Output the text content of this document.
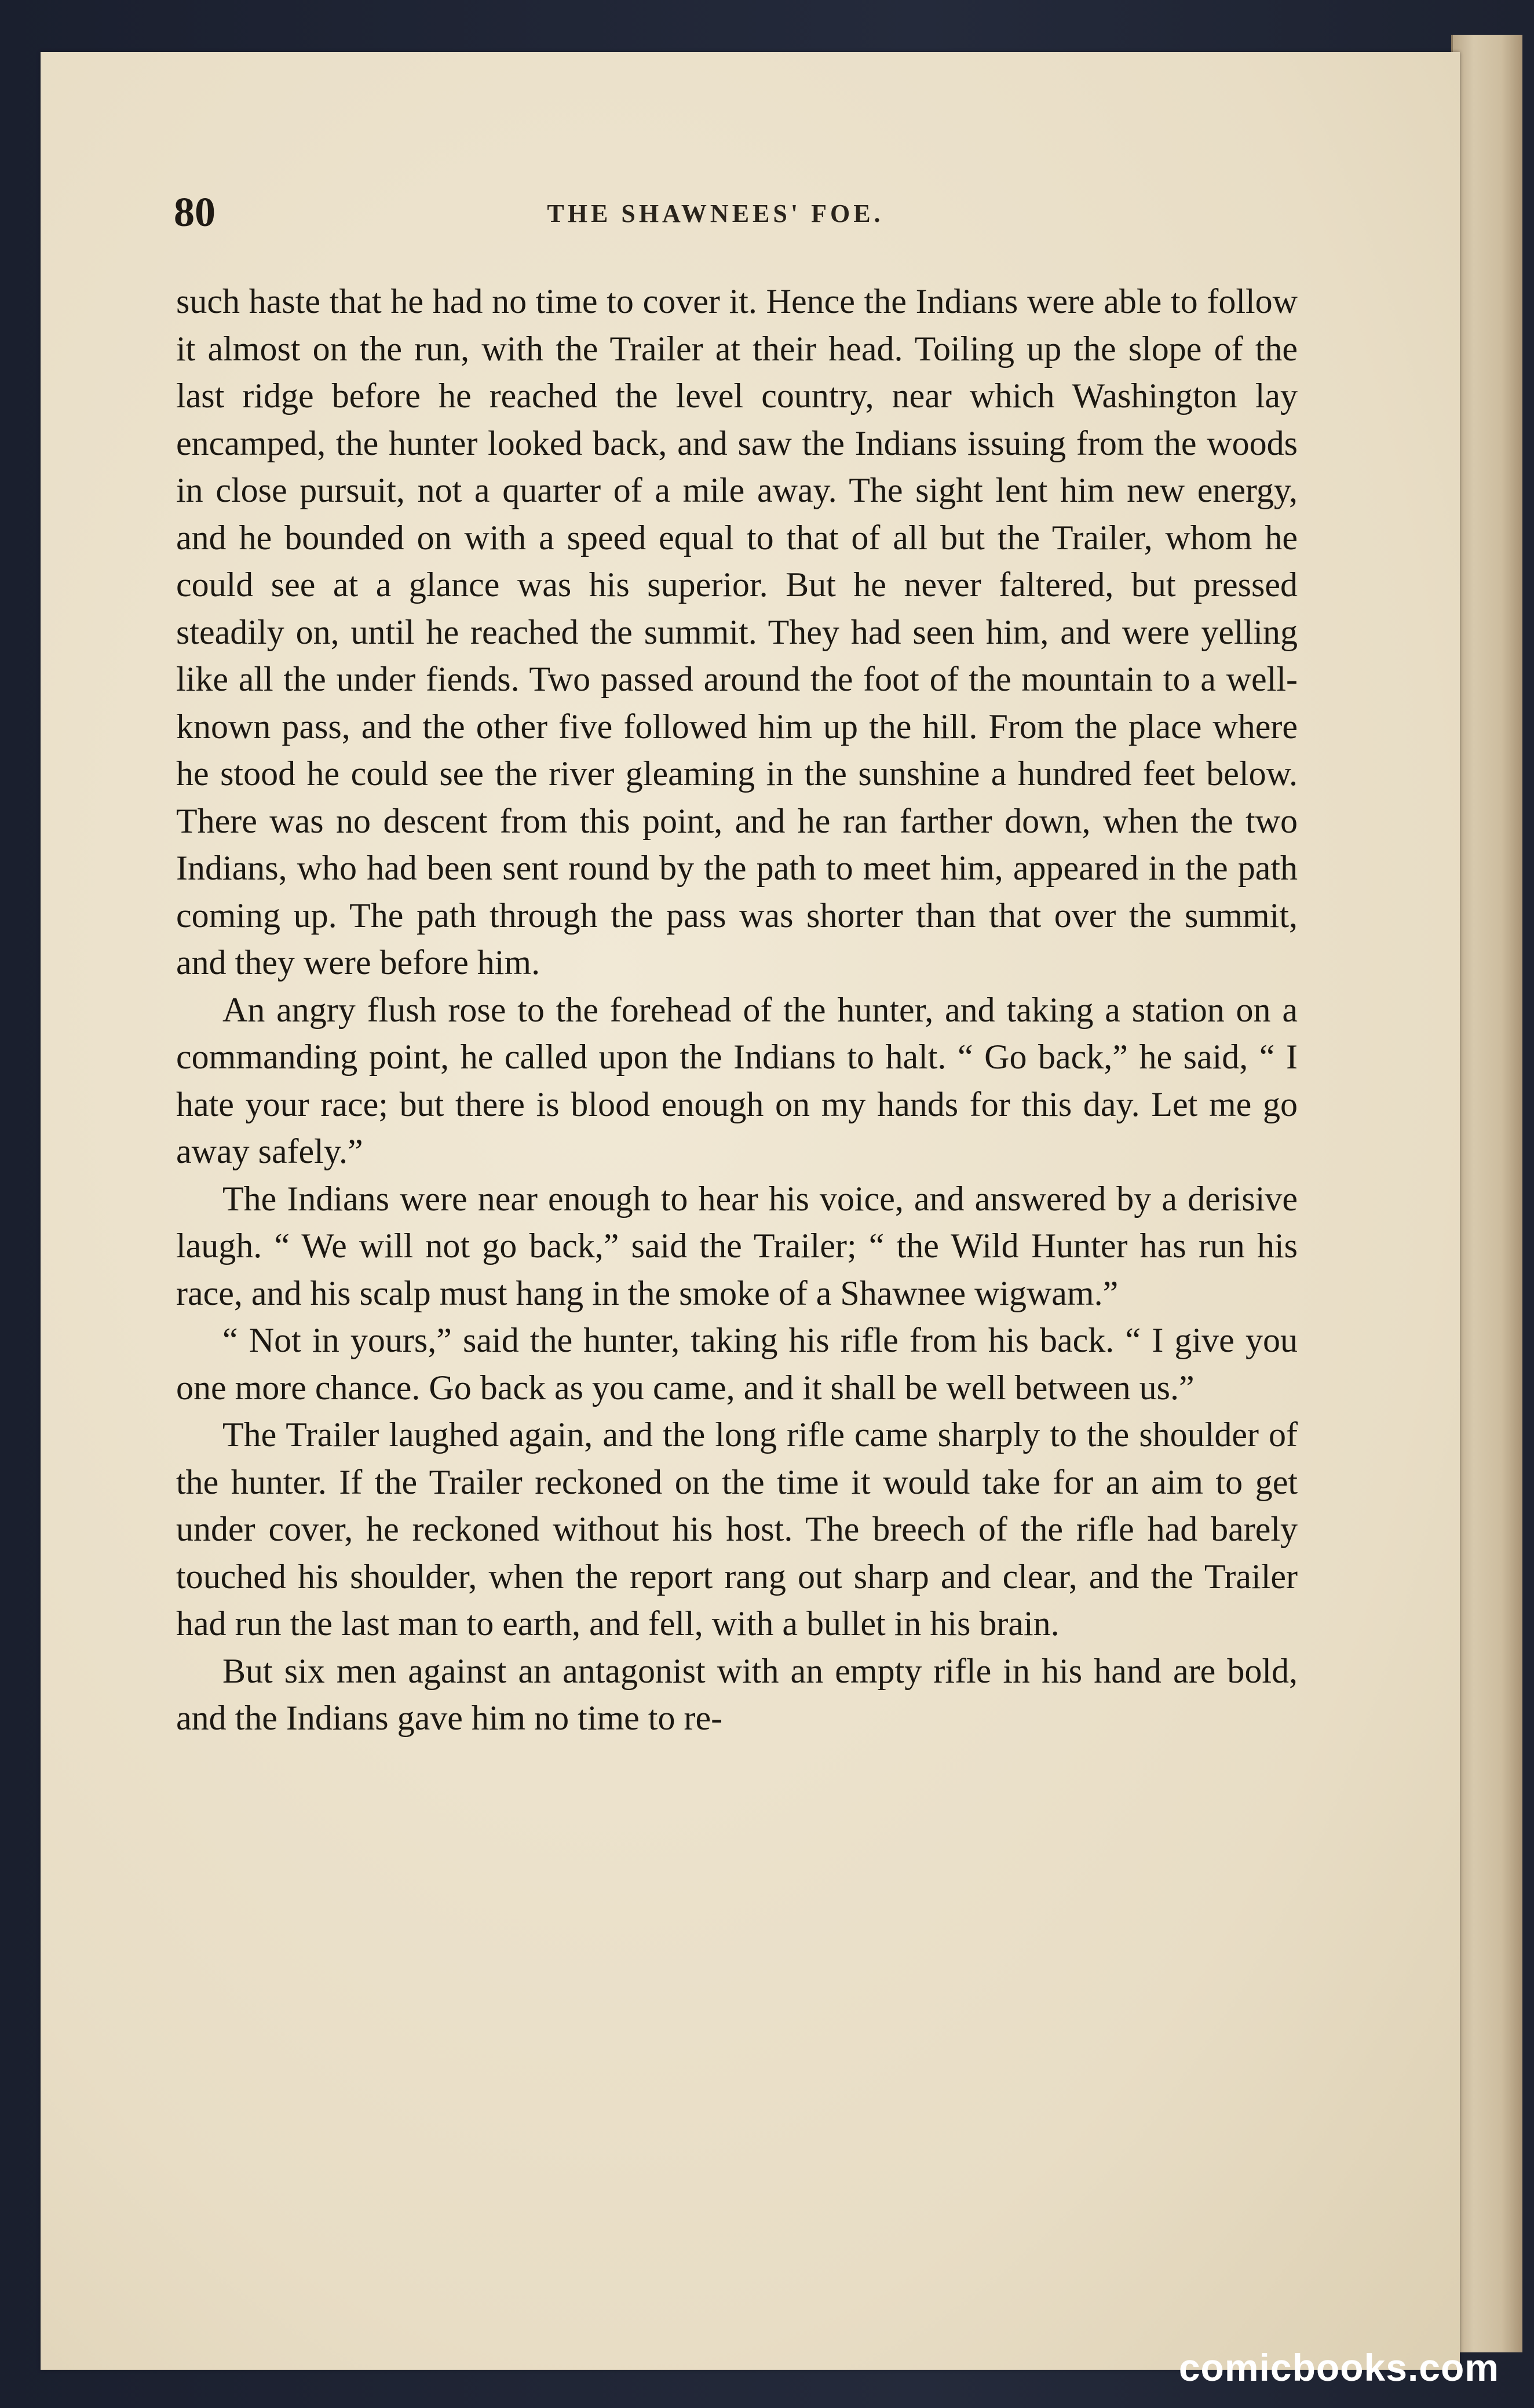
80	THE SHAWNEES' FOE.

such haste that he had no time to cover it. Hence the Indians were able to follow it almost on the run, with the Trailer at their head. Toiling up the slope of the last ridge before he reached the level country, near which Washington lay encamped, the hunter looked back, and saw the Indians issuing from the woods in close pursuit, not a quarter of a mile away. The sight lent him new energy, and he bounded on with a speed equal to that of all but the Trailer, whom he could see at a glance was his superior. But he never faltered, but pressed steadily on, until he reached the summit. They had seen him, and were yelling like all the under fiends. Two passed around the foot of the mountain to a well-known pass, and the other five followed him up the hill. From the place where he stood he could see the river gleaming in the sunshine a hundred feet below. There was no descent from this point, and he ran farther down, when the two Indians, who had been sent round by the path to meet him, appeared in the path coming up. The path through the pass was shorter than that over the summit, and they were before him.

An angry flush rose to the forehead of the hunter, and taking a station on a commanding point, he called upon the Indians to halt. “ Go back,” he said, “ I hate your race; but there is blood enough on my hands for this day. Let me go away safely.”

The Indians were near enough to hear his voice, and answered by a derisive laugh. “ We will not go back,” said the Trailer; “ the Wild Hunter has run his race, and his scalp must hang in the smoke of a Shawnee wigwam.”

“ Not in yours,” said the hunter, taking his rifle from his back. “ I give you one more chance. Go back as you came, and it shall be well between us.”

The Trailer laughed again, and the long rifle came sharply to the shoulder of the hunter. If the Trailer reckoned on the time it would take for an aim to get under cover, he reckoned without his host. The breech of the rifle had barely touched his shoulder, when the report rang out sharp and clear, and the Trailer had run the last man to earth, and fell, with a bullet in his brain.

But six men against an antagonist with an empty rifle in his hand are bold, and the Indians gave him no time to re-

comicbooks.com
